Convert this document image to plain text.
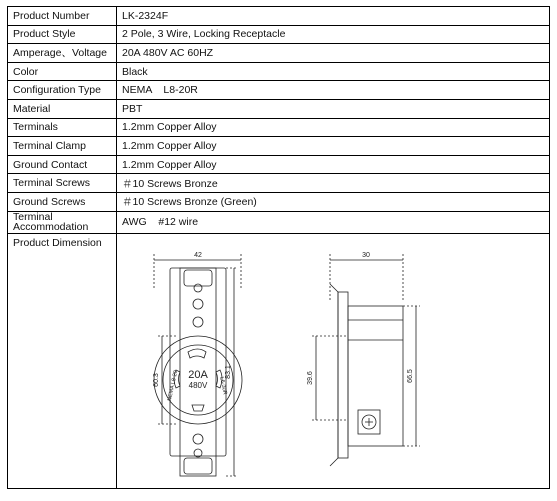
Product Number	LK-2324F
Product Style	2 Pole, 3 Wire, Locking Receptacle
Amperage、Voltage	20A 480V AC 60HZ
Color	Black
Configuration Type	NEMA    L8-20R
Material	PBT
Terminals	1.2mm Copper Alloy
Terminal Clamp	1.2mm Copper Alloy
Ground Contact	1.2mm Copper Alloy
Terminal Screws	＃10 Screws Bronze
Ground Screws	＃10 Screws Bronze (Green)
Terminal Accommodation	AWG    #12 wire
Product Dimension	
42	30
60.3
83.1	39.6	66.5
20A
480V
NEMA L8-20	L6-30R
